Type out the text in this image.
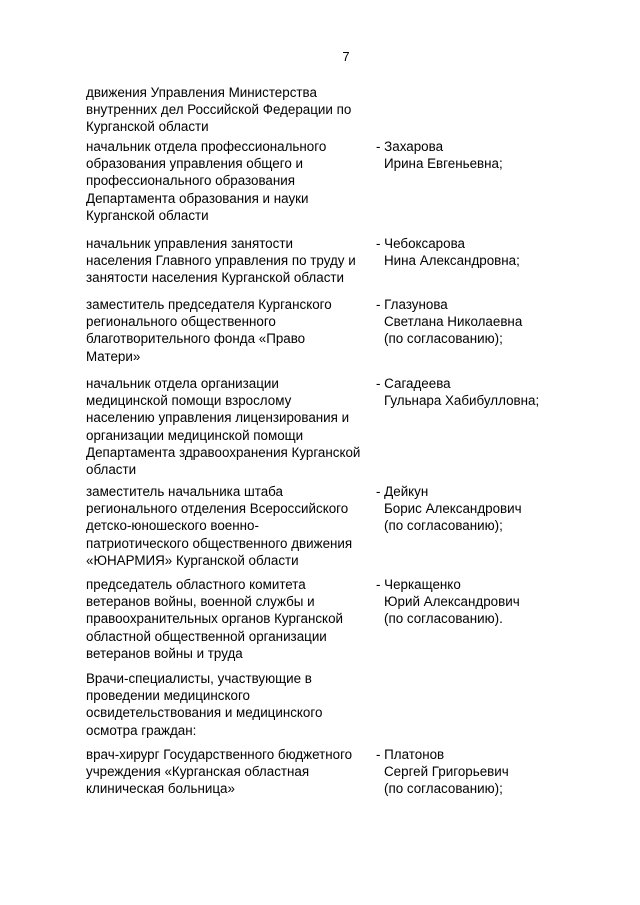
7
движения Управления Министерства
внутренних дел Российской Федерации по
Курганской области
начальник отдела профессионального
образования управления общего и
профессионального образования
Департамента образования и науки
Курганской области
- Захарова
Ирина Евгеньевна;
начальник управления занятости
населения Главного управления по труду и
занятости населения Курганской области
- Чебоксарова
Нина Александровна;
заместитель председателя Курганского
регионального общественного
благотворительного фонда «Право
Матери»
- Глазунова
Светлана Николаевна
(по согласованию);
начальник отдела организации
медицинской помощи взрослому
населению управления лицензирования и
организации медицинской помощи
Департамента здравоохранения Курганской
области
- Сагадеева
Гульнара Хабибулловна;
заместитель начальника штаба
регионального отделения Всероссийского
детско-юношеского военно-
патриотического общественного движения
«ЮНАРМИЯ» Курганской области
- Дейкун
Борис Александрович
(по согласованию);
председатель областного комитета
ветеранов войны, военной службы и
правоохранительных органов Курганской
областной общественной организации
ветеранов войны и труда
- Черкащенко
Юрий Александрович
(по согласованию).
Врачи-специалисты, участвующие в
проведении медицинского
освидетельствования и медицинского
осмотра граждан:
врач-хирург Государственного бюджетного
учреждения «Курганская областная
клиническая больница»
- Платонов
Сергей Григорьевич
(по согласованию);
